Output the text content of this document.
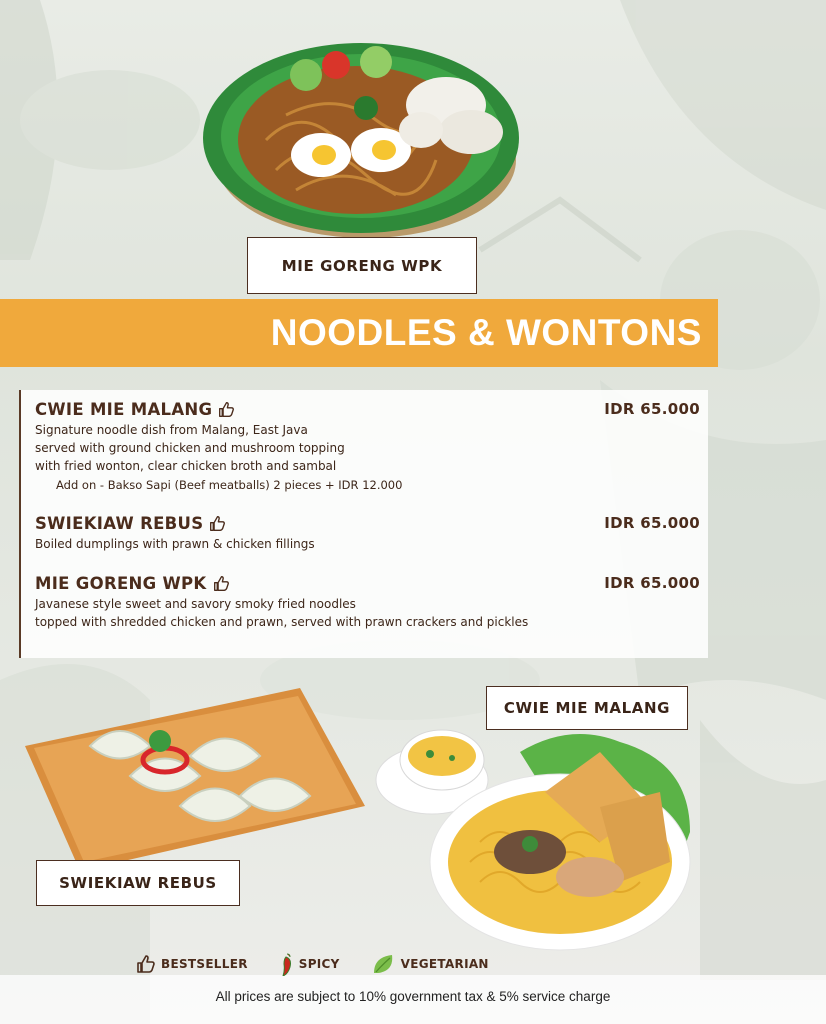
MIE GORENG WPK
NOODLES & WONTONS
CWIE MIE MALANG	IDR 65.000
Signature noodle dish from Malang, East Java
served with ground chicken and mushroom topping
with fried wonton, clear chicken broth and sambal
Add on - Bakso Sapi (Beef meatballs) 2 pieces + IDR 12.000
SWIEKIAW REBUS	IDR 65.000
Boiled dumplings with prawn & chicken fillings
MIE GORENG WPK	IDR 65.000
Javanese style sweet and savory smoky fried noodles
topped with shredded chicken and prawn, served with prawn crackers and pickles
SWIEKIAW REBUS
CWIE MIE MALANG
BESTSELLER	SPICY	VEGETARIAN
All prices are subject to 10% government tax & 5% service charge
